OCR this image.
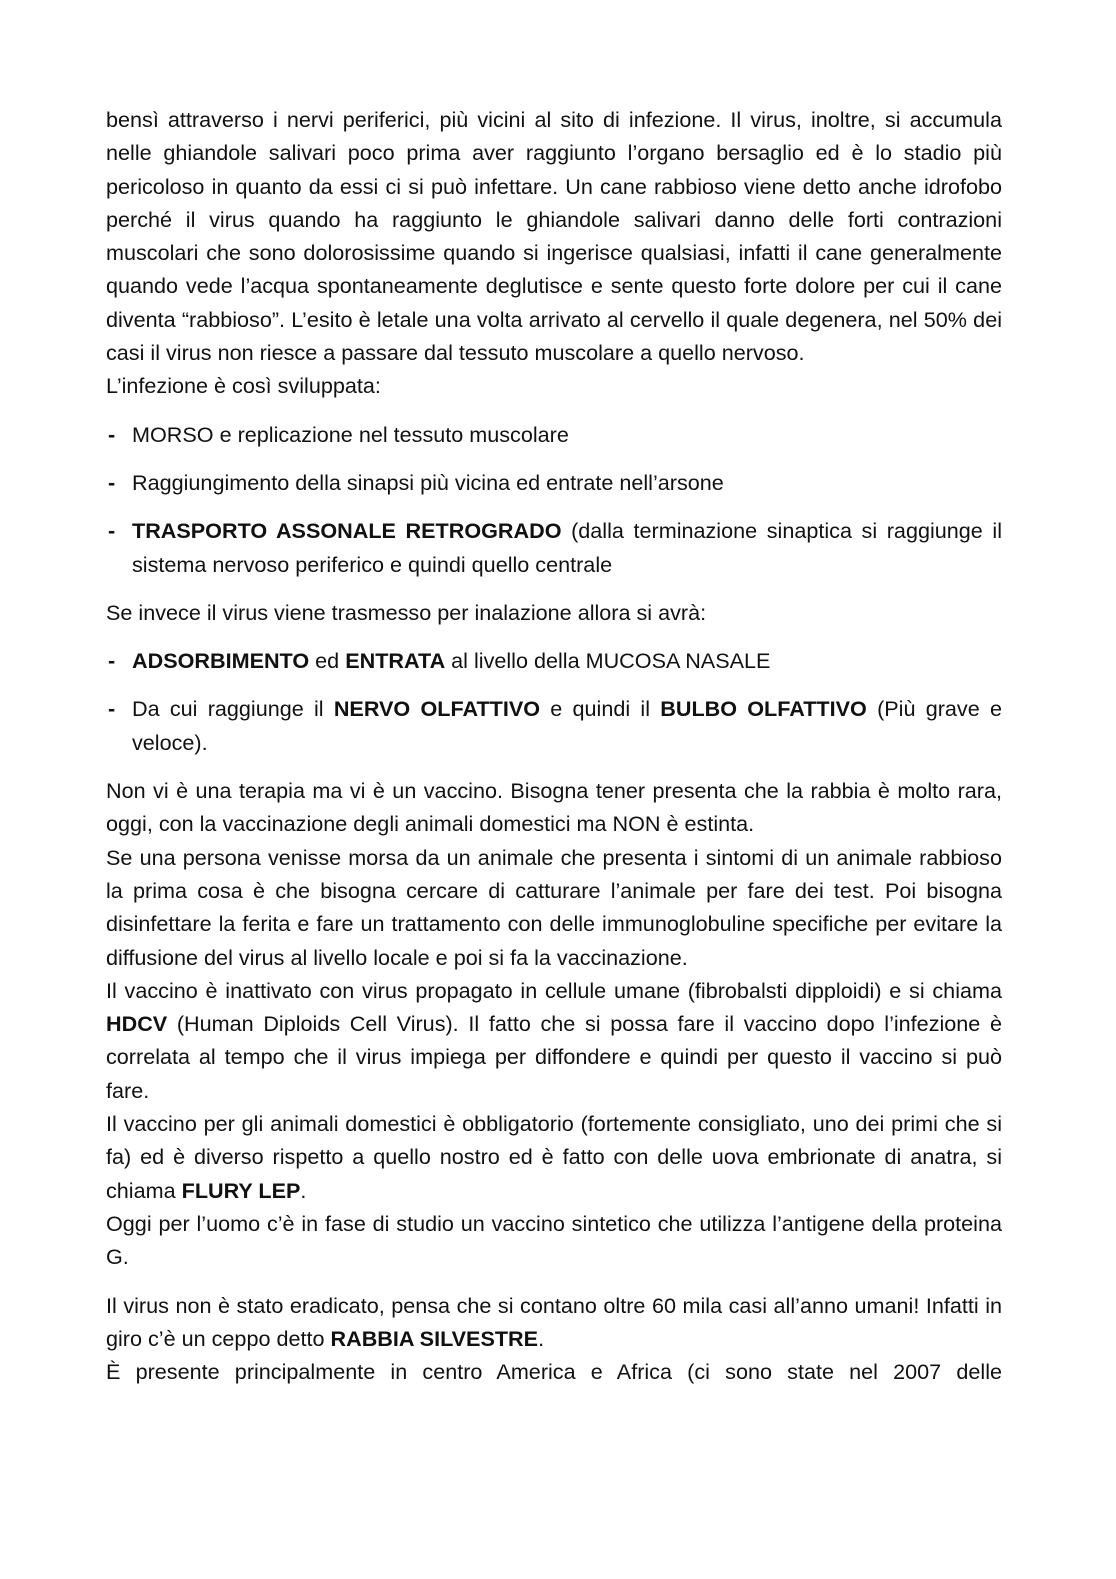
bensì attraverso i nervi periferici, più vicini al sito di infezione. Il virus, inoltre, si accumula nelle ghiandole salivari poco prima aver raggiunto l’organo bersaglio ed è lo stadio più pericoloso in quanto da essi ci si può infettare. Un cane rabbioso viene detto anche idrofobo perché il virus quando ha raggiunto le ghiandole salivari danno delle forti contrazioni muscolari che sono dolorosissime quando si ingerisce qualsiasi, infatti il cane generalmente quando vede l’acqua spontaneamente deglutisce e sente questo forte dolore per cui il cane diventa “rabbioso”. L’esito è letale una volta arrivato al cervello il quale degenera, nel 50% dei casi il virus non riesce a passare dal tessuto muscolare a quello nervoso.

L’infezione è così sviluppata:

- MORSO e replicazione nel tessuto muscolare
- Raggiungimento della sinapsi più vicina ed entrate nell’arsone
- TRASPORTO ASSONALE RETROGRADO (dalla terminazione sinaptica si raggiunge il sistema nervoso periferico e quindi quello centrale

Se invece il virus viene trasmesso per inalazione allora si avrà:

- ADSORBIMENTO ed ENTRATA al livello della MUCOSA NASALE
- Da cui raggiunge il NERVO OLFATTIVO e quindi il BULBO OLFATTIVO (Più grave e veloce).

Non vi è una terapia ma vi è un vaccino. Bisogna tener presenta che la rabbia è molto rara, oggi, con la vaccinazione degli animali domestici ma NON è estinta.

Se una persona venisse morsa da un animale che presenta i sintomi di un animale rabbioso la prima cosa è che bisogna cercare di catturare l’animale per fare dei test. Poi bisogna disinfettare la ferita e fare un trattamento con delle immunoglobuline specifiche per evitare la diffusione del virus al livello locale e poi si fa la vaccinazione.

Il vaccino è inattivato con virus propagato in cellule umane (fibrobalsti dipploidi) e si chiama HDCV (Human Diploids Cell Virus). Il fatto che si possa fare il vaccino dopo l’infezione è correlata al tempo che il virus impiega per diffondere e quindi per questo il vaccino si può fare.

Il vaccino per gli animali domestici è obbligatorio (fortemente consigliato, uno dei primi che si fa) ed è diverso rispetto a quello nostro ed è fatto con delle uova embrionate di anatra, si chiama FLURY LEP.

Oggi per l’uomo c’è in fase di studio un vaccino sintetico che utilizza l’antigene della proteina G.

Il virus non è stato eradicato, pensa che si contano oltre 60 mila casi all’anno umani! Infatti in giro c’è un ceppo detto RABBIA SILVESTRE.

È presente principalmente in centro America e Africa (ci sono state nel 2007 delle
